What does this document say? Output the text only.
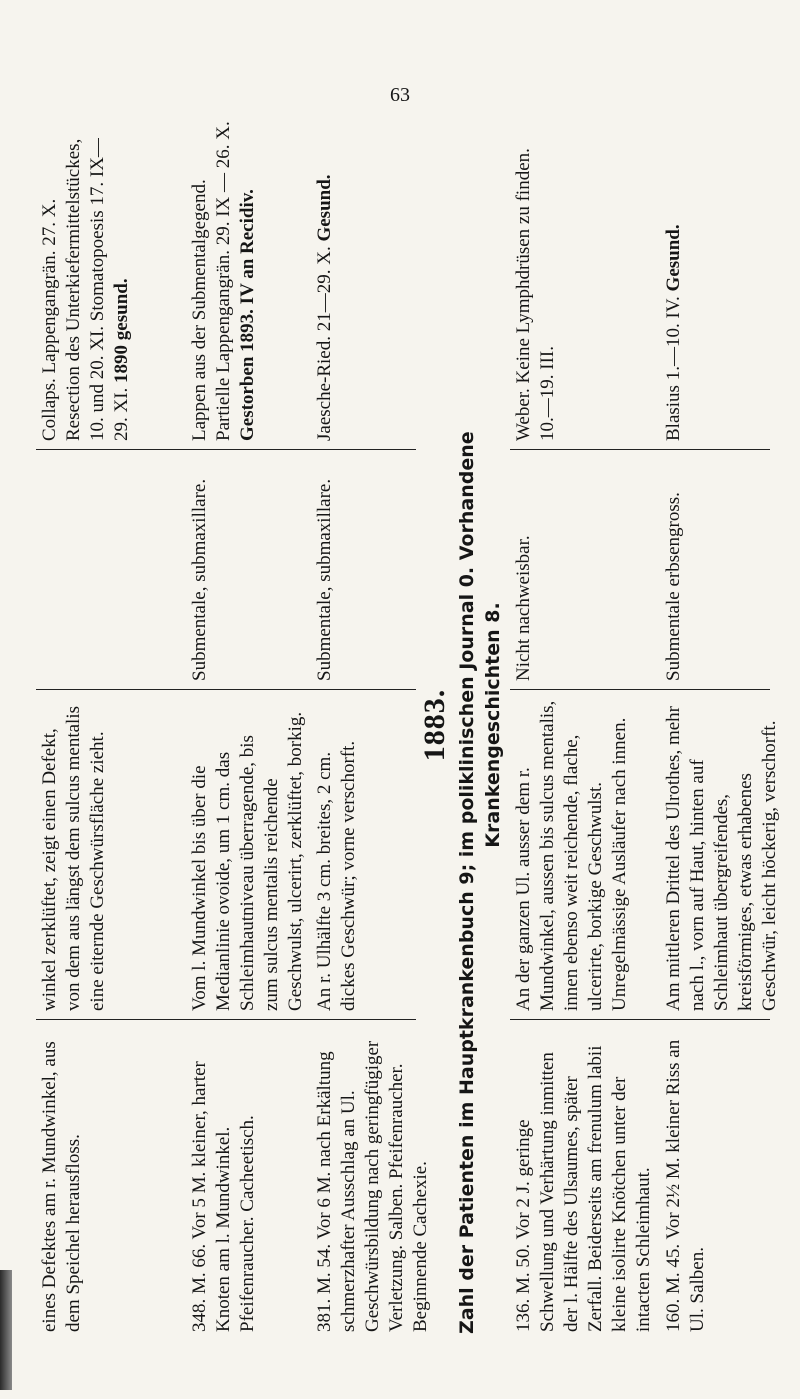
63
eines Defektes am r. Mundwinkel, aus dem Speichel herausfloss.
winkel zerklüftet, zeigt einen Defekt, von dem aus längst dem sulcus mentalis eine eiternde Geschwürsfläche zieht.
Collaps. Lappengangrän. 27. X. Resection des Unterkiefermittelstückes, 10. und 20. XI. Stomatopoesis 17. IX—29. XI. 1890 gesund.
348. M. 66. Vor 5 M. kleiner, harter Knoten am l. Mundwinkel. Pfeifenraucher. Cacheetisch.
Vom l. Mundwinkel bis über die Medianlinie ovoide, um 1 cm. das Schleimhautniveau überragende, bis zum sulcus mentalis reichende Geschwulst, ulcerirt, zerklüftet, borkig.
Submentale, submaxillare.
Lappen aus der Submentalgegend. Partielle Lappengangrän. 29. IX — 26. X. Gestorben 1893. IV an Recidiv.
381. M. 54. Vor 6 M. nach Erkältung schmerzhafter Ausschlag an Ul. Geschwürsbildung nach geringfügiger Verletzung. Salben. Pfeifenraucher. Beginnende Cachexie.
An r. Ulhälfte 3 cm. breites, 2 cm. dickes Geschwür; vorne verschorft.
Submentale, submaxillare.
Jaesche-Ried. 21—29. X. Gesund.
1883. Zahl der Patienten im Hauptkrankenbuch 9; im poliklinischen Journal 0. Vorhandene Krankengeschichten 8.
136. M. 50. Vor 2 J. geringe Schwellung und Verhärtung inmitten der l. Hälfte des Ulsaumes, später Zerfall. Beiderseits am frenulum labii kleine isolirte Knötchen unter der intacten Schleimhaut.
An der ganzen Ul. ausser dem r. Mundwinkel, aussen bis sulcus mentalis, innen ebenso weit reichende, flache, ulcerirte, borkige Geschwulst. Unregelmässige Ausläufer nach innen.
Nicht nachweisbar.
Weber. Keine Lymphdrüsen zu finden. 10.—19. III.
160. M. 45. Vor 2½ M. kleiner Riss an Ul. Salben.
Am mittleren Drittel des Ulrothes, mehr nach l., vorn auf Haut, hinten auf Schleimhaut übergreifendes, kreisförmiges, etwas erhabenes Geschwür, leicht höckerig, verschorft.
Submentale erbsengross.
Blasius 1.—10. IV. Gesund.
